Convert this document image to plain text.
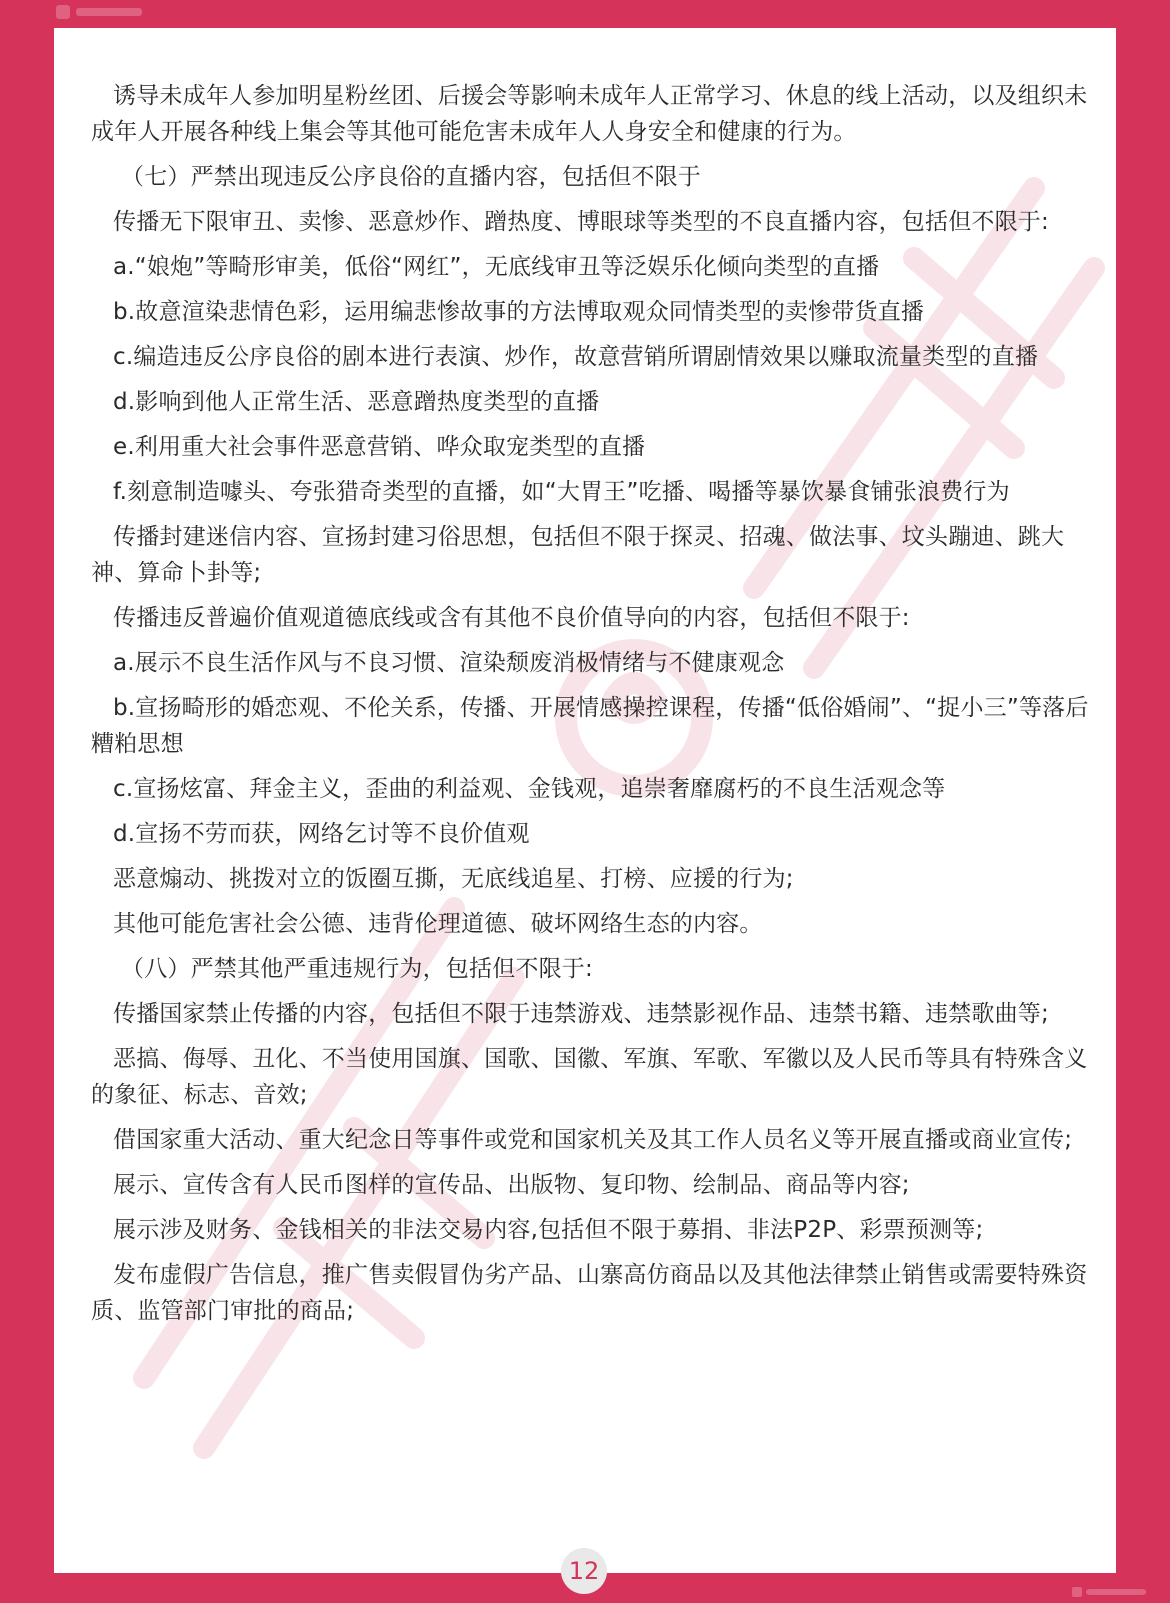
诱导未成年人参加明星粉丝团、后援会等影响未成年人正常学习、休息的线上活动，以及组织未成年人开展各种线上集会等其他可能危害未成年人人身安全和健康的行为。

（七）严禁出现违反公序良俗的直播内容，包括但不限于

传播无下限审丑、卖惨、恶意炒作、蹭热度、博眼球等类型的不良直播内容，包括但不限于:

a.“娘炮”等畸形审美，低俗“网红”，无底线审丑等泛娱乐化倾向类型的直播

b.故意渲染悲情色彩，运用编悲惨故事的方法博取观众同情类型的卖惨带货直播

c.编造违反公序良俗的剧本进行表演、炒作，故意营销所谓剧情效果以赚取流量类型的直播

d.影响到他人正常生活、恶意蹭热度类型的直播

e.利用重大社会事件恶意营销、哗众取宠类型的直播

f.刻意制造噱头、夸张猎奇类型的直播，如“大胃王”吃播、喝播等暴饮暴食铺张浪费行为

传播封建迷信内容、宣扬封建习俗思想，包括但不限于探灵、招魂、做法事、坟头蹦迪、跳大神、算命卜卦等;

传播违反普遍价值观道德底线或含有其他不良价值导向的内容，包括但不限于:

a.展示不良生活作风与不良习惯、渲染颓废消极情绪与不健康观念

b.宣扬畸形的婚恋观、不伦关系，传播、开展情感操控课程，传播“低俗婚闹”、“捉小三”等落后糟粕思想

c.宣扬炫富、拜金主义，歪曲的利益观、金钱观，追崇奢靡腐朽的不良生活观念等

d.宣扬不劳而获，网络乞讨等不良价值观

恶意煽动、挑拨对立的饭圈互撕，无底线追星、打榜、应援的行为;

其他可能危害社会公德、违背伦理道德、破坏网络生态的内容。

（八）严禁其他严重违规行为，包括但不限于:

传播国家禁止传播的内容，包括但不限于违禁游戏、违禁影视作品、违禁书籍、违禁歌曲等;

恶搞、侮辱、丑化、不当使用国旗、国歌、国徽、军旗、军歌、军徽以及人民币等具有特殊含义的象征、标志、音效;

借国家重大活动、重大纪念日等事件或党和国家机关及其工作人员名义等开展直播或商业宣传;

展示、宣传含有人民币图样的宣传品、出版物、复印物、绘制品、商品等内容;

展示涉及财务、金钱相关的非法交易内容,包括但不限于募捐、非法P2P、彩票预测等;

发布虚假广告信息，推广售卖假冒伪劣产品、山寨高仿商品以及其他法律禁止销售或需要特殊资质、监管部门审批的商品;

12
